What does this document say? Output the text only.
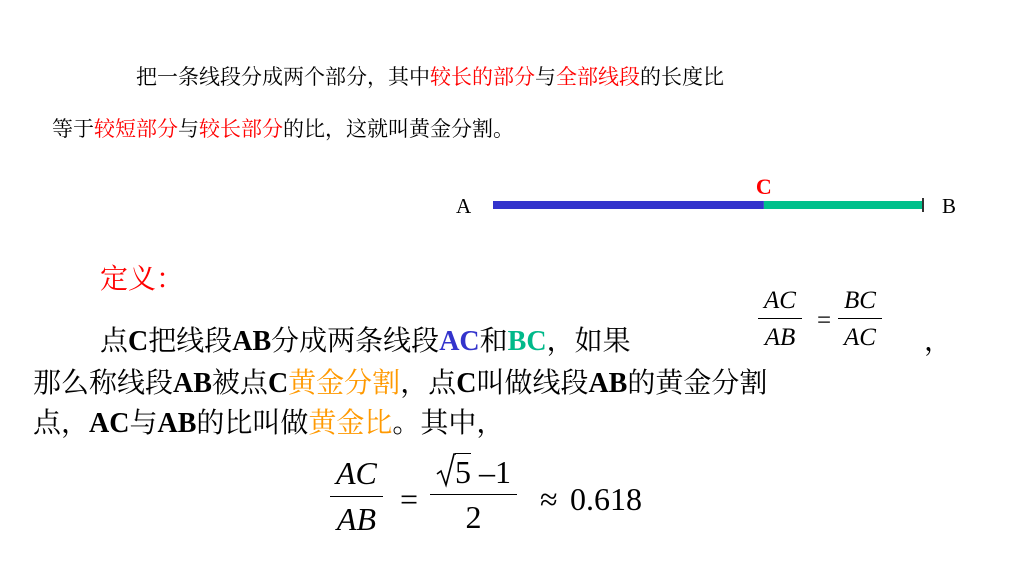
把一条线段分成两个部分，其中较长的部分与全部线段的长度比
等于较短部分与较长部分的比，这就叫黄金分割。
A	B
C
定义：
AC
AB
=
BC
AC
点C把线段AB分成两条线段AC和BC，如果	，
那么称线段AB被点C黄金分割，点C叫做线段AB的黄金分割
点，AC与AB的比叫做黄金比。其中，
AC
AB
=
5 –1
2 ≈ 0.618
